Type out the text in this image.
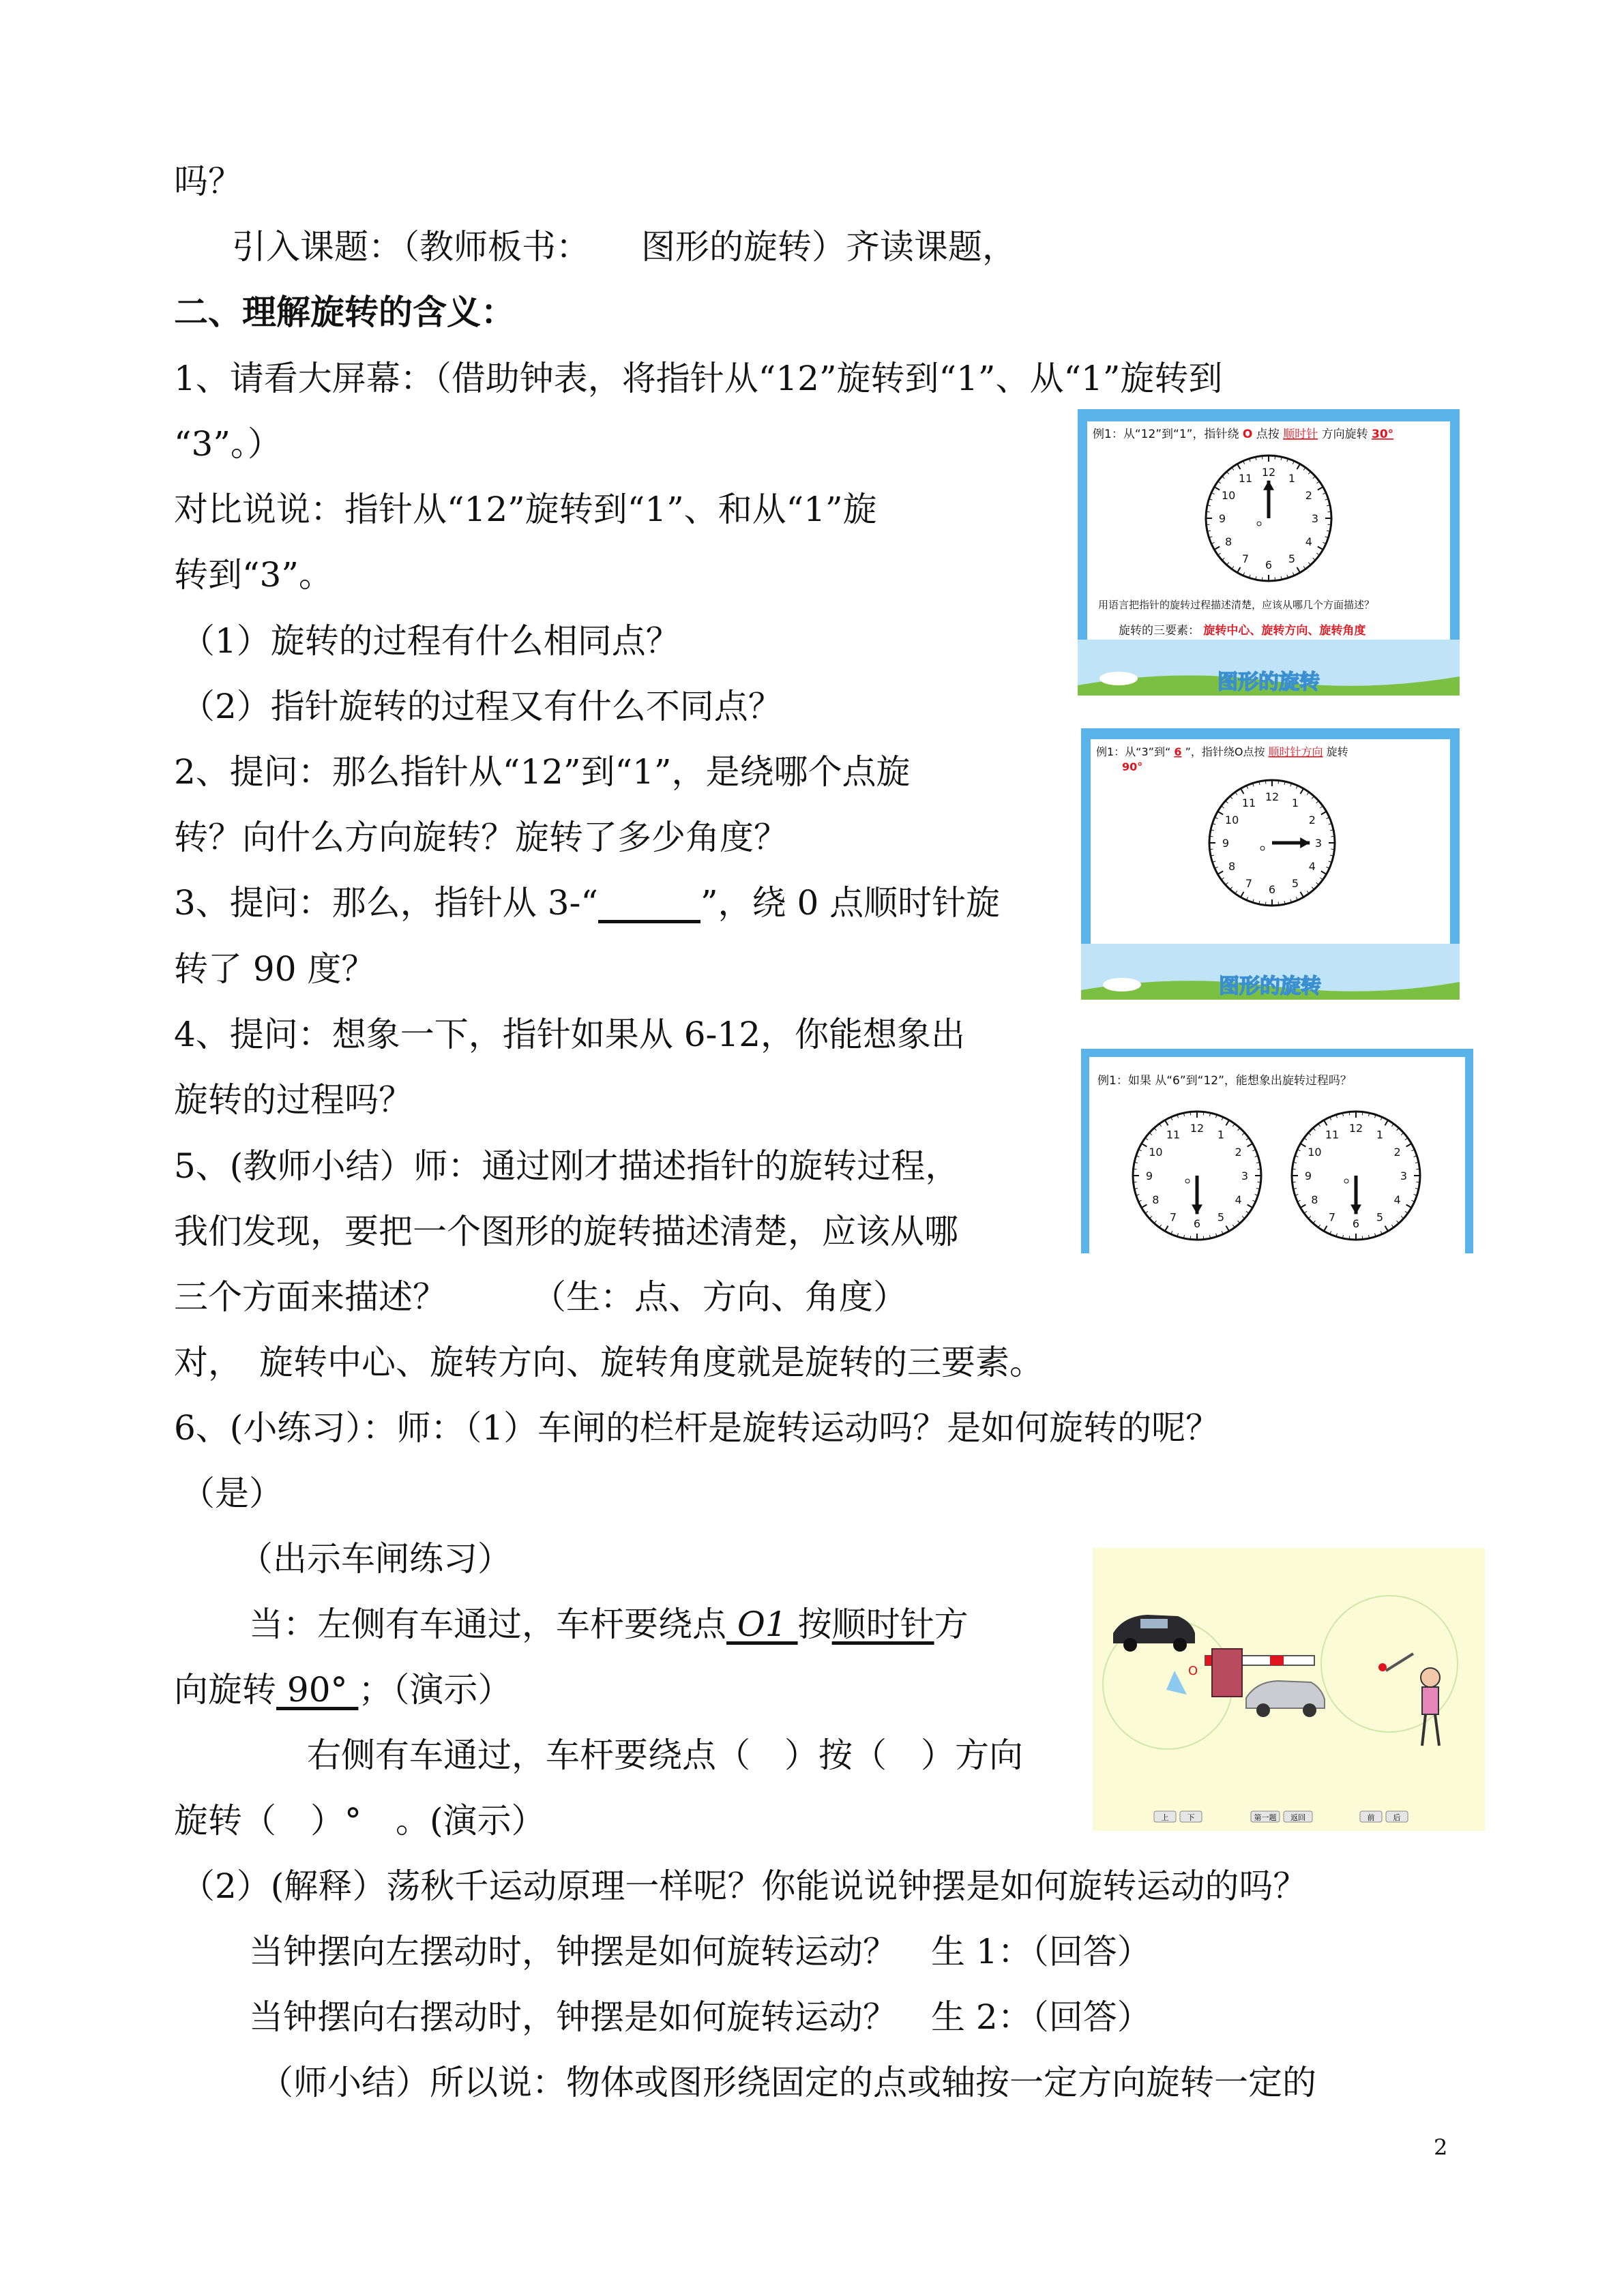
吗？
引入课题：（教师板书：　　图形的旋转）齐读课题，
二、理解旋转的含义：
1、请看大屏幕：（借助钟表，将指针从“12”旋转到“1”、从“1”旋转到
“3”。）
对比说说：指针从“12”旋转到“1”、和从“1”旋
转到“3”。
（1）旋转的过程有什么相同点？
（2）指针旋转的过程又有什么不同点？
2、提问：那么指针从“12”到“1”，是绕哪个点旋
转？向什么方向旋转？旋转了多少角度？
3、提问：那么，指针从 3-“　　　	”，绕 0 点顺时针旋
转了 90 度？
4、提问：想象一下，指针如果从 6-12，你能想象出
旋转的过程吗？
5、(教师小结）师：通过刚才描述指针的旋转过程，
我们发现，要把一个图形的旋转描述清楚，应该从哪
三个方面来描述？　　　（生：点、方向、角度）
对，　旋转中心、旋转方向、旋转角度就是旋转的三要素。
6、(小练习）：师：（1）车闸的栏杆是旋转运动吗？是如何旋转的呢？
（是）
（出示车闸练习）
当：左侧有车通过，车杆要绕点 O1 按顺时针方
向旋转 90° ；（演示）
右侧有车通过，车杆要绕点（　）按（　）方向
旋转（　）°　。(演示）
（2）(解释）荡秋千运动原理一样呢？你能说说钟摆是如何旋转运动的吗？
当钟摆向左摆动时，钟摆是如何旋转运动？　生 1：（回答）
当钟摆向右摆动时，钟摆是如何旋转运动？　生 2：（回答）
（师小结）所以说：物体或图形绕固定的点或轴按一定方向旋转一定的
2
例1：从“12”到“1”，指针绕 O 点按 顺时针 方向旋转 30°
12 1
2
3
4
5
6
7
8
9
10
11
用语言把指针的旋转过程描述清楚，应该从哪几个方面描述？
旋转的三要素： 旋转中心、旋转方向、旋转角度
图形的旋转
例1：从“3”到“ 6 ”，指针绕O点按 顺时针方向 旋转
90°
12 1
2
3
4
5
6
7
8
9
10
11
图形的旋转
例1：如果 从“6”到“12”，能想象出旋转过程吗？
12 1
2
3
4
5
6
7
8
9
10
11	12 1
2
3
4
5
6
7
8
9
10
11
O
上 下	第一题 返回	前 后
